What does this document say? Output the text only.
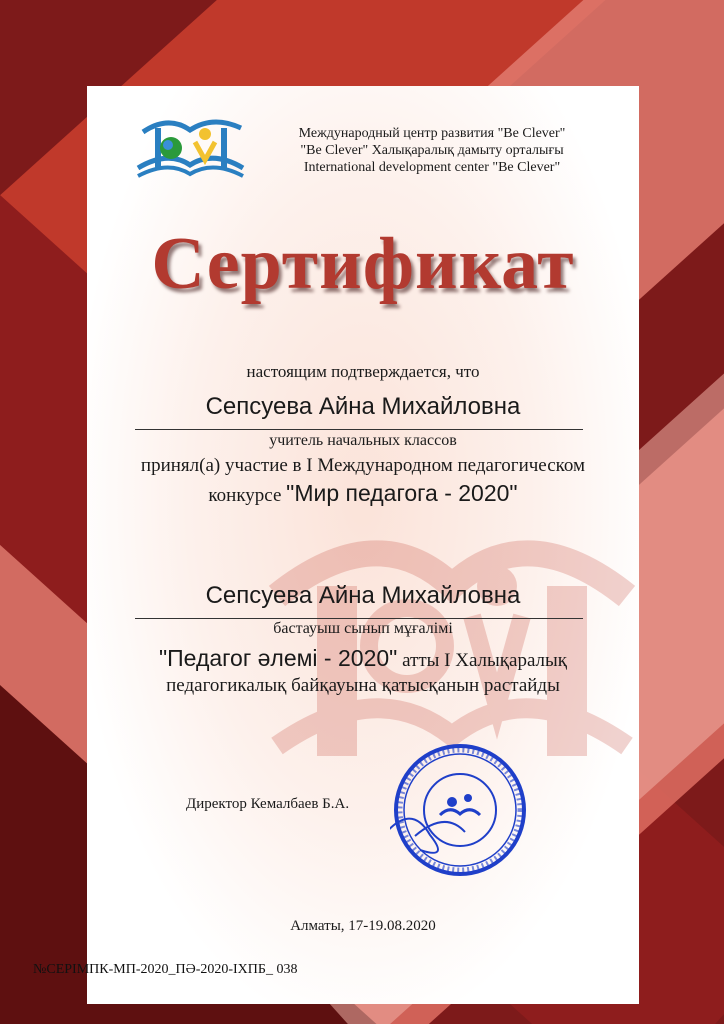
Международный центр развития "Be Clever"
"Be Clever" Халықаралық дамыту орталығы
International development center "Be Clever"
Сертификат
настоящим подтверждается, что
Сепсуева Айна Михайловна
учитель начальных классов
принял(а) участие в I Международном педагогическом
конкурсе "Мир педагога - 2020"
Сепсуева Айна Михайловна
бастауыш сынып мұғалімі
"Педагог әлемі - 2020" атты I Халықаралық
педагогикалық байқауына қатысқанын растайды
Директор Кемалбаев Б.А.
Алматы, 17-19.08.2020
№СЕРІМПК-МП-2020_ПӘ-2020-IХПБ_ 038
